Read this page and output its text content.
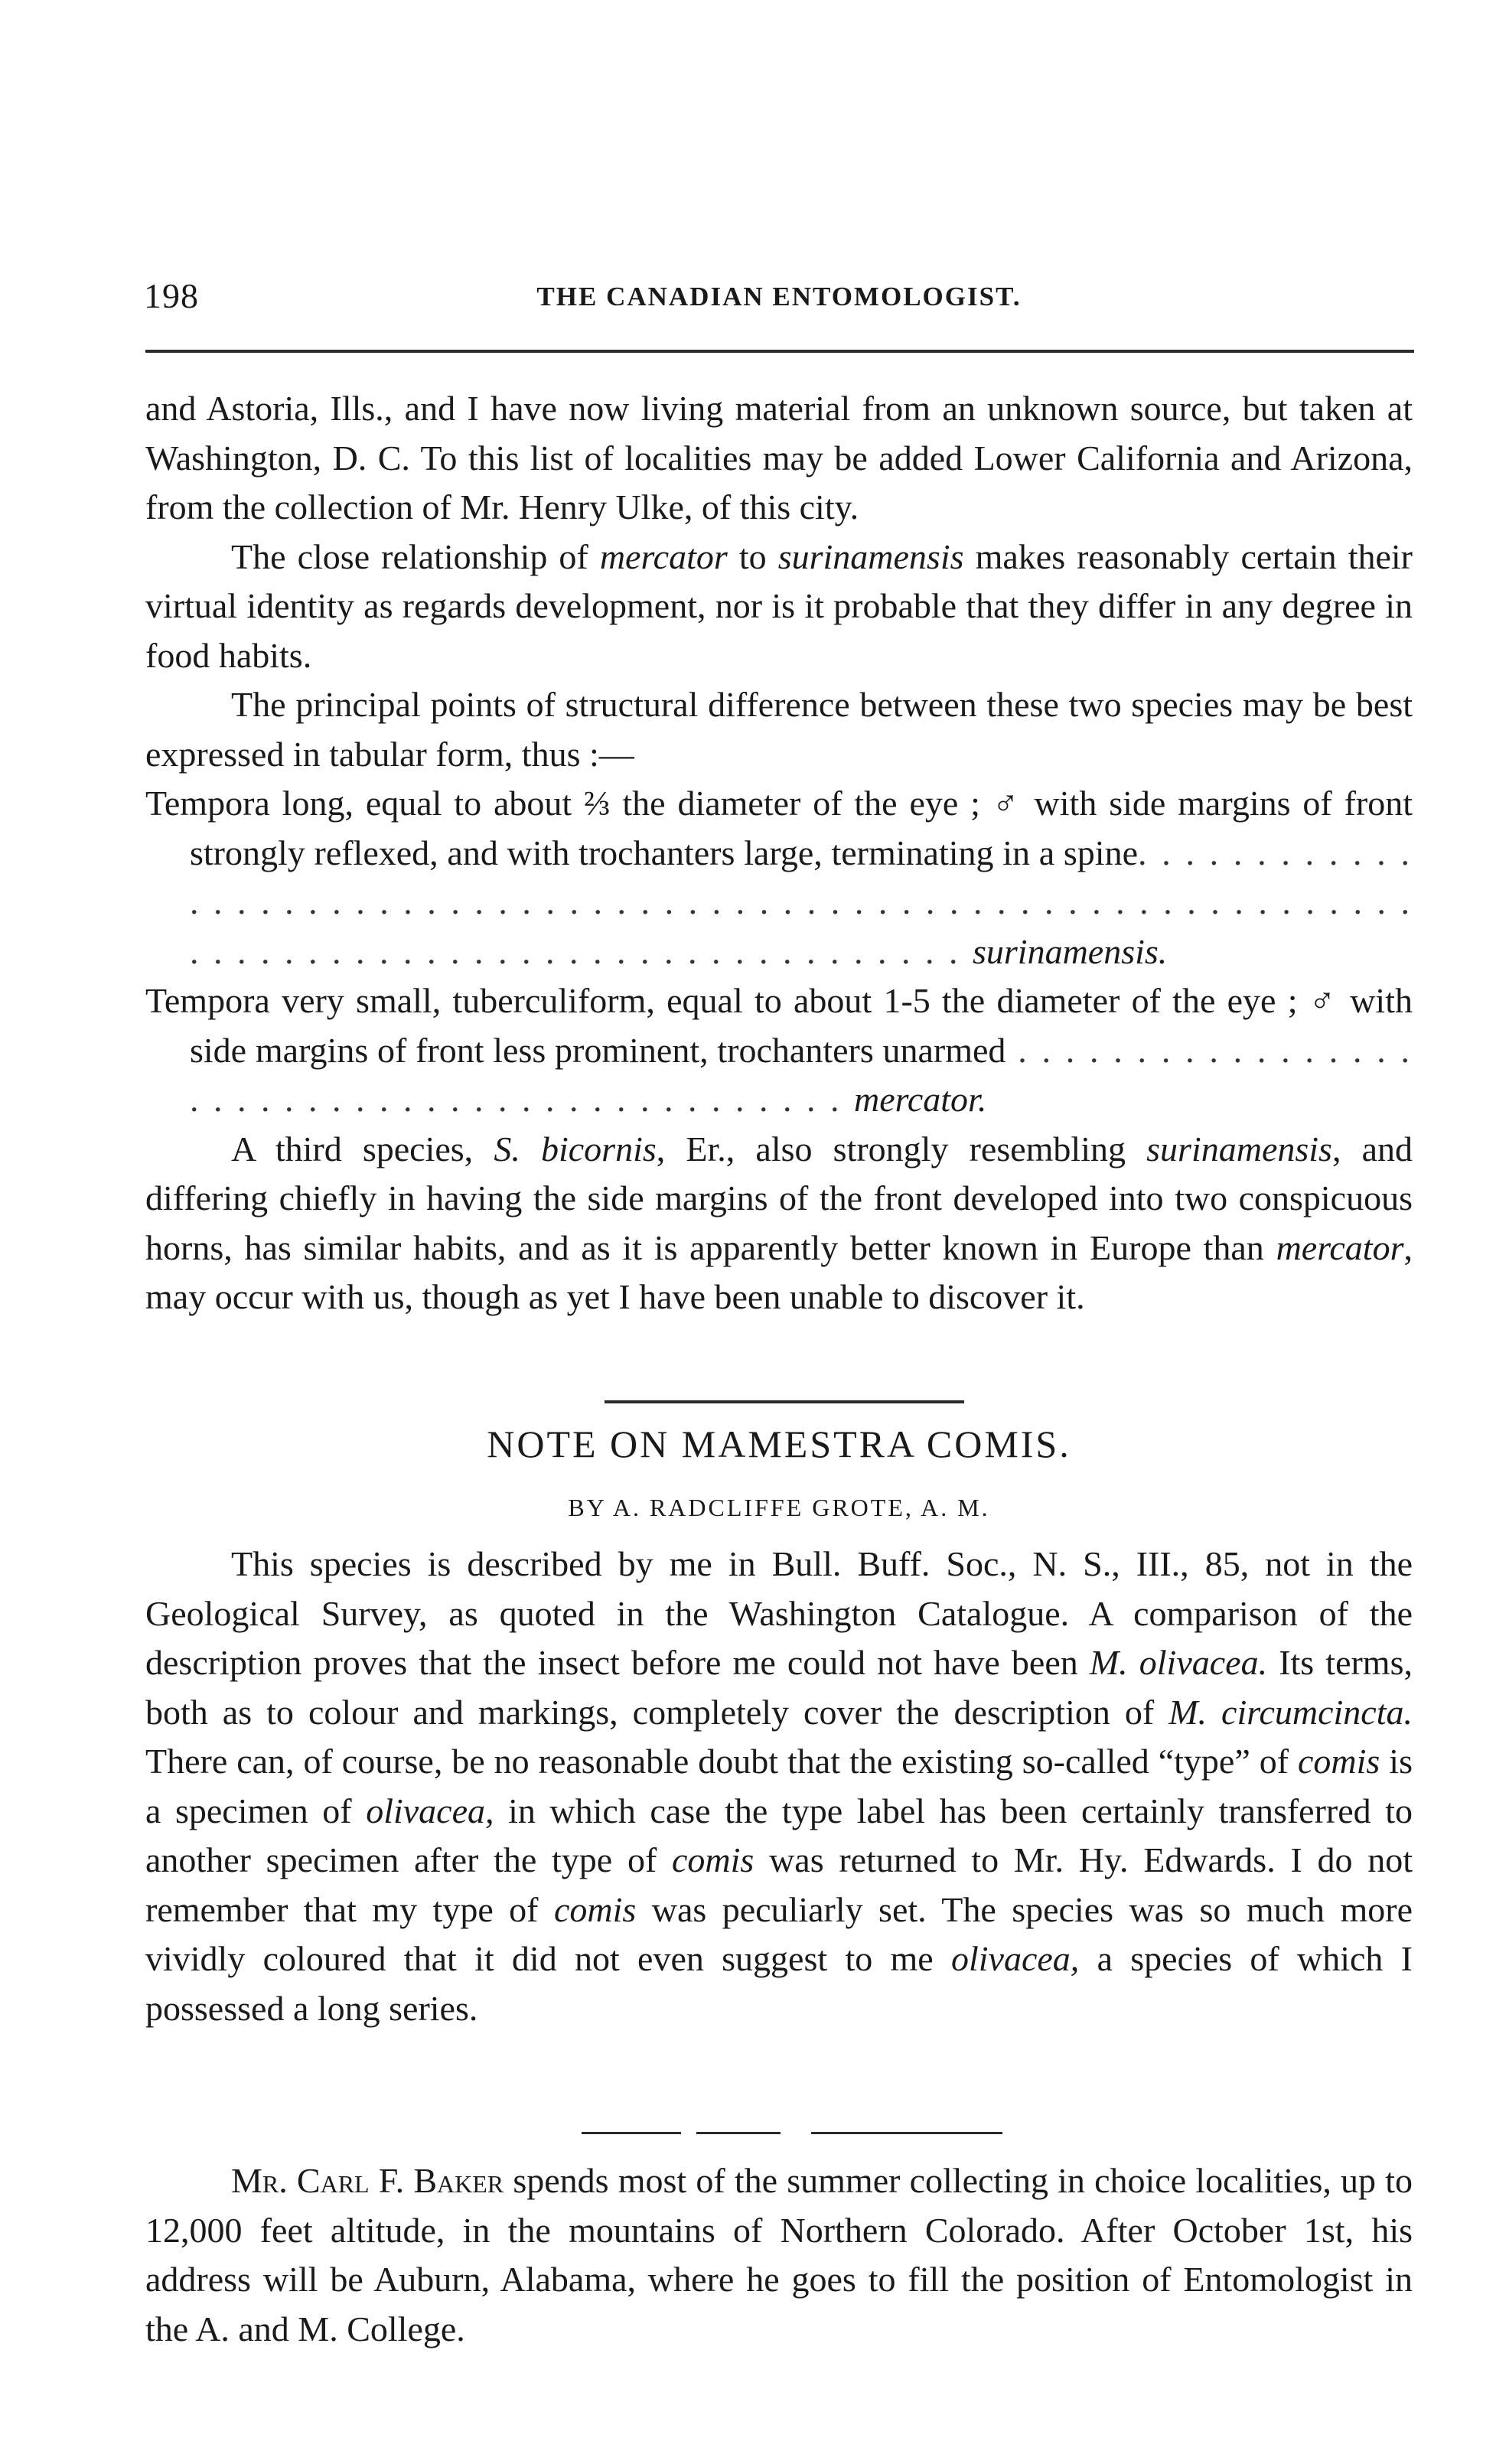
198	THE CANADIAN ENTOMOLOGIST.

and Astoria, Ills., and I have now living material from an unknown source, but taken at Washington, D. C. To this list of localities may be added Lower California and Arizona, from the collection of Mr. Henry Ulke, of this city.

The close relationship of mercator to surinamensis makes reasonably certain their virtual identity as regards development, nor is it probable that they differ in any degree in food habits.

The principal points of structural difference between these two species may be best expressed in tabular form, thus :—

Tempora long, equal to about ⅔ the diameter of the eye ; ♂ with side margins of front strongly reflexed, and with trochanters large, terminating in a spine. . . . . . . . . . . . . . . . . . . . . . . . . . . . . . . . . . surinamensis.
Tempora very small, tuberculiform, equal to about 1-5 the diameter of the eye ; ♂ with side margins of front less prominent, trochanters unarmed . . . . . . . . . . . . . . . . . . . . . . . . . . . . . . . . . . . . . . . . . . . . . mercator.

A third species, S. bicornis, Er., also strongly resembling surinamensis, and differing chiefly in having the side margins of the front developed into two conspicuous horns, has similar habits, and as it is apparently better known in Europe than mercator, may occur with us, though as yet I have been unable to discover it.

NOTE ON MAMESTRA COMIS.
BY A. RADCLIFFE GROTE, A. M.

This species is described by me in Bull. Buff. Soc., N. S., III., 85, not in the Geological Survey, as quoted in the Washington Catalogue. A comparison of the description proves that the insect before me could not have been M. olivacea. Its terms, both as to colour and markings, completely cover the description of M. circumcincta. There can, of course, be no reasonable doubt that the existing so-called “type” of comis is a specimen of olivacea, in which case the type label has been certainly transferred to another specimen after the type of comis was returned to Mr. Hy. Edwards. I do not remember that my type of comis was peculiarly set. The species was so much more vividly coloured that it did not even suggest to me olivacea, a species of which I possessed a long series.

Mr. Carl F. Baker spends most of the summer collecting in choice localities, up to 12,000 feet altitude, in the mountains of Northern Colorado. After October 1st, his address will be Auburn, Alabama, where he goes to fill the position of Entomologist in the A. and M. College.
